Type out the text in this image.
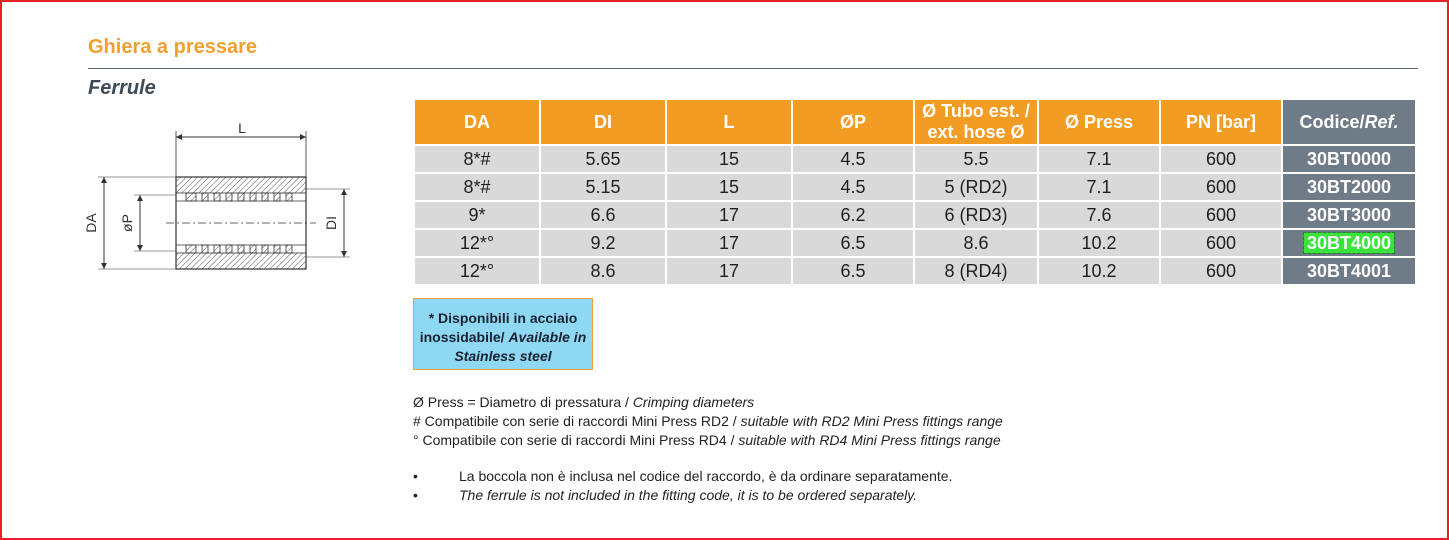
Ghiera a pressare
Ferrule
L
DA øP	DI
DA	DI	L	ØP	Ø Tubo est. /
ext. hose Ø	Ø Press	PN [bar]	Codice/Ref.
8*#	5.65	15	4.5	5.5	7.1	600	30BT0000
8*#	5.15	15	4.5	5 (RD2)	7.1	600	30BT2000
9*	6.6	17	6.2	6 (RD3)	7.6	600	30BT3000
12*°	9.2	17	6.5	8.6	10.2	600	30BT4000
12*°	8.6	17	6.5	8 (RD4)	10.2	600	30BT4001
* Disponibili in acciaio
inossidabile/ Available in
Stainless steel
Ø Press = Diametro di pressatura / Crimping diameters
# Compatibile con serie di raccordi Mini Press RD2 / suitable with RD2 Mini Press fittings range
° Compatibile con serie di raccordi Mini Press RD4 / suitable with RD4 Mini Press fittings range
•	La boccola non è inclusa nel codice del raccordo, è da ordinare separatamente.
•	The ferrule is not included in the fitting code, it is to be ordered separately.
